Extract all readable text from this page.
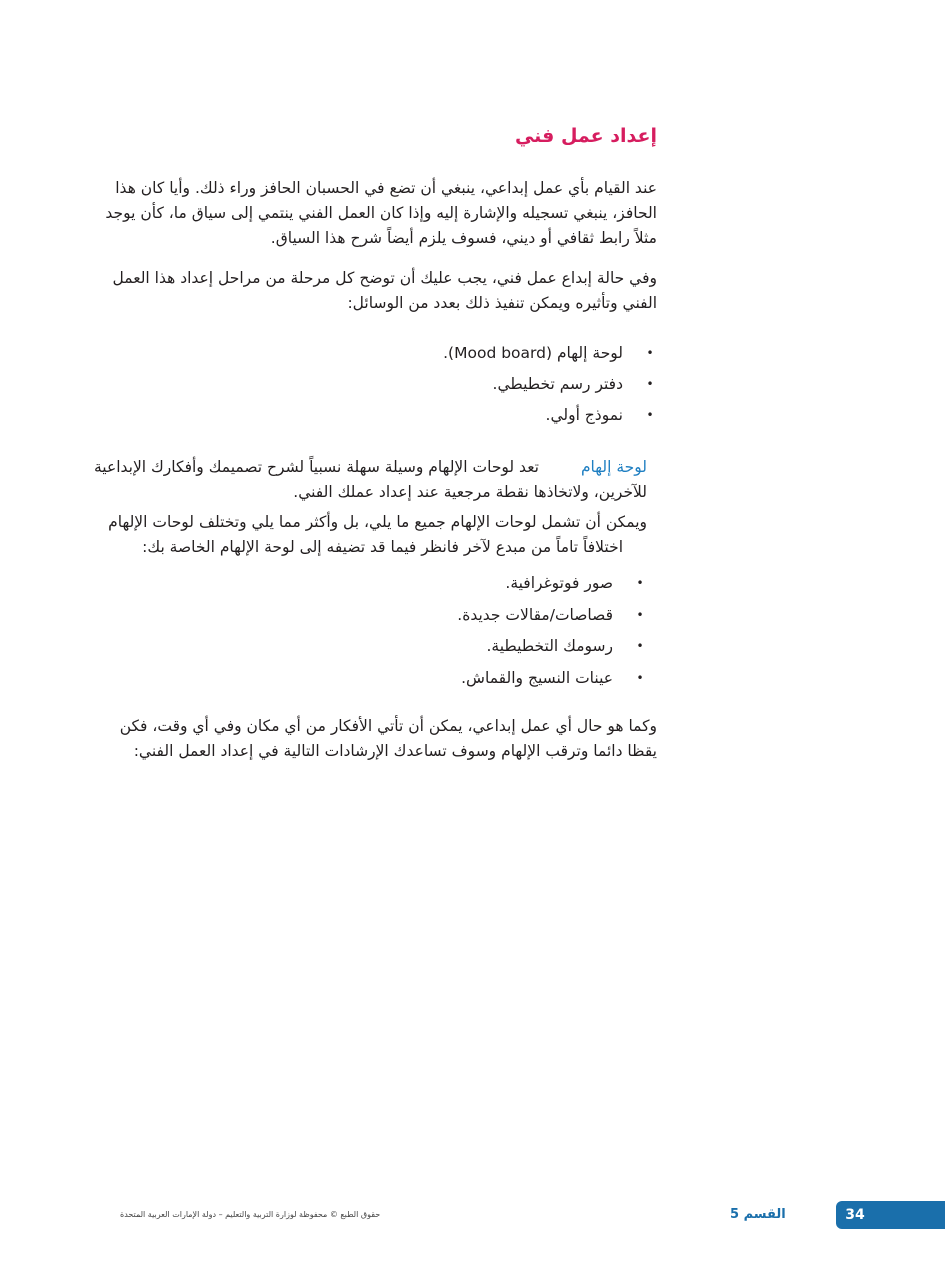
إعداد عمل فني

عند القيام بأي عمل إبداعي، ينبغي أن تضع في الحسبان الحافز وراء ذلك. وأيا كان هذا الحافز، ينبغي تسجيله والإشارة إليه وإذا كان العمل الفني ينتمي إلى سياق ما، كأن يوجد مثلاً رابط ثقافي أو ديني، فسوف يلزم أيضاً شرح هذا السياق.

وفي حالة إبداع عمل فني، يجب عليك أن توضح كل مرحلة من مراحل إعداد هذا العمل الفني وتأثيره ويمكن تنفيذ ذلك بعدد من الوسائل:

•
لوحة إلهام (Mood board).
•
دفتر رسم تخطيطي.
•
نموذج أولي.
لوحة إلهام

تعد لوحات الإلهام وسيلة سهلة نسبياً لشرح تصميمك وأفكارك الإبداعية للآخرين، ولاتخاذها نقطة مرجعية عند إعداد عملك الفني.

ويمكن أن تشمل لوحات الإلهام جميع ما يلي، بل وأكثر مما يلي وتختلف لوحات الإلهام اختلافاً تاماً من مبدع لآخر فانظر فيما قد تضيفه إلى لوحة الإلهام الخاصة بك:

•
صور فوتوغرافية.
•
قصاصات/مقالات جديدة.
•
رسومك التخطيطية.
•
عينات النسيج والقماش.

وكما هو حال أي عمل إبداعي، يمكن أن تأتي الأفكار من أي مكان وفي أي وقت، فكن يقظا دائما وترقب الإلهام وسوف تساعدك الإرشادات التالية في إعداد العمل الفني:

34
القسم 5
حقوق الطبع © محفوظة لوزارة التربية والتعليم – دولة الإمارات العربية المتحدة
